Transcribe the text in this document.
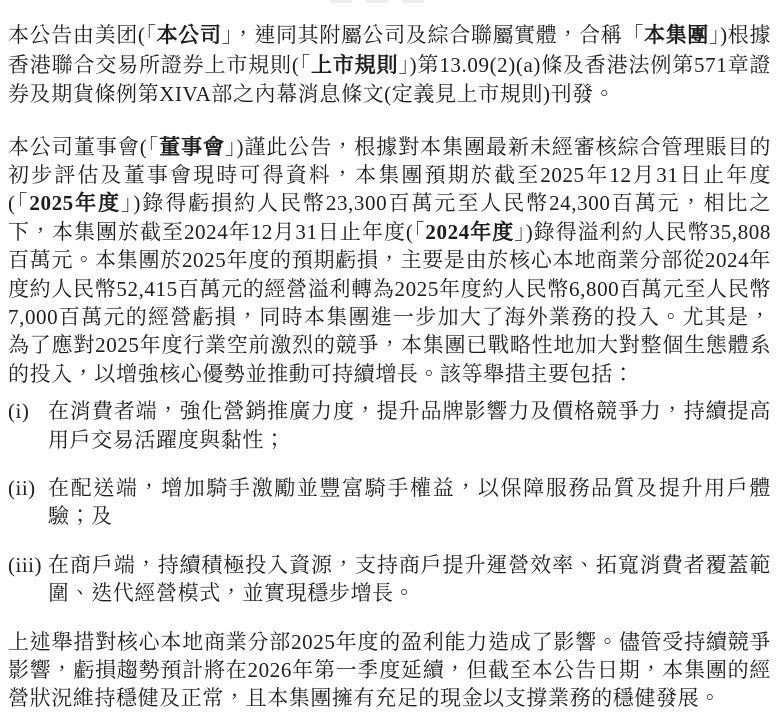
本公告由美团(「本公司」，連同其附屬公司及綜合聯屬實體，合稱「本集團」)根據香港聯合交易所證券上市規則(「上市規則」)第13.09(2)(a)條及香港法例第571章證券及期貨條例第XIVA部之內幕消息條文(定義見上市規則)刊發。

本公司董事會(「董事會」)謹此公告，根據對本集團最新未經審核綜合管理賬目的初步評估及董事會現時可得資料，本集團預期於截至2025年12月31日止年度(「2025年度」)錄得虧損約人民幣23,300百萬元至人民幣24,300百萬元，相比之下，本集團於截至2024年12月31日止年度(「2024年度」)錄得溢利約人民幣35,808百萬元。本集團於2025年度的預期虧損，主要是由於核心本地商業分部從2024年度約人民幣52,415百萬元的經營溢利轉為2025年度約人民幣6,800百萬元至人民幣7,000百萬元的經營虧損，同時本集團進一步加大了海外業務的投入。尤其是，為了應對2025年度行業空前激烈的競爭，本集團已戰略性地加大對整個生態體系的投入，以增強核心優勢並推動可持續增長。該等舉措主要包括：

(i) 在消費者端，強化營銷推廣力度，提升品牌影響力及價格競爭力，持續提高用戶交易活躍度與黏性；
(ii) 在配送端，增加騎手激勵並豐富騎手權益，以保障服務品質及提升用戶體驗；及
(iii) 在商戶端，持續積極投入資源，支持商戶提升運營效率、拓寬消費者覆蓋範圍、迭代經營模式，並實現穩步增長。

上述舉措對核心本地商業分部2025年度的盈利能力造成了影響。儘管受持續競爭影響，虧損趨勢預計將在2026年第一季度延續，但截至本公告日期，本集團的經營狀況維持穩健及正常，且本集團擁有充足的現金以支撐業務的穩健發展。
